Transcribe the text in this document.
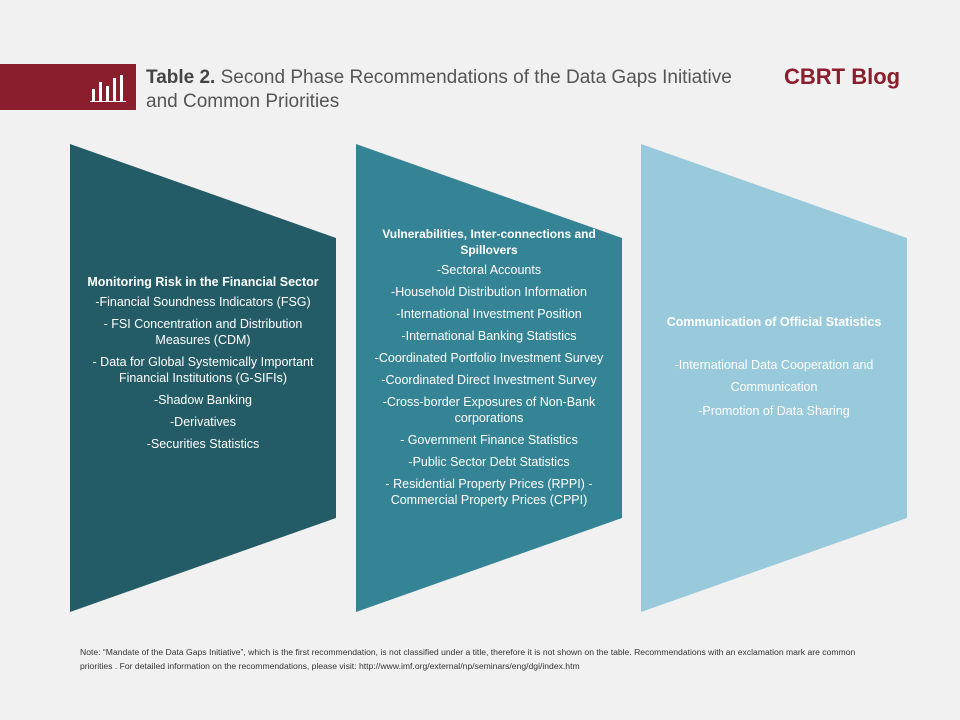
Table 2. Second Phase Recommendations of the Data Gaps Initiative and Common Priorities
CBRT Blog
Monitoring Risk in the Financial Sector
-Financial Soundness Indicators (FSG)
- FSI Concentration and Distribution Measures (CDM)
- Data for Global Systemically Important Financial Institutions (G-SIFIs)
-Shadow Banking
-Derivatives
-Securities Statistics
Vulnerabilities, Inter-connections and Spillovers
-Sectoral Accounts
-Household Distribution Information
-International Investment Position
-International Banking Statistics
-Coordinated Portfolio Investment Survey
-Coordinated Direct Investment Survey
-Cross-border Exposures of Non-Bank corporations
- Government Finance Statistics
-Public Sector Debt Statistics
- Residential Property Prices (RPPI) - Commercial Property Prices (CPPI)
Communication of Official Statistics
-International Data Cooperation and Communication
-Promotion of Data Sharing
Note: “Mandate of the Data Gaps Initiative”, which is the first recommendation, is not classified under a title, therefore it is not shown on the table. Recommendations with an exclamation mark are common priorities . For detailed information on the recommendations, please visit: http://www.imf.org/external/np/seminars/eng/dgi/index.htm
